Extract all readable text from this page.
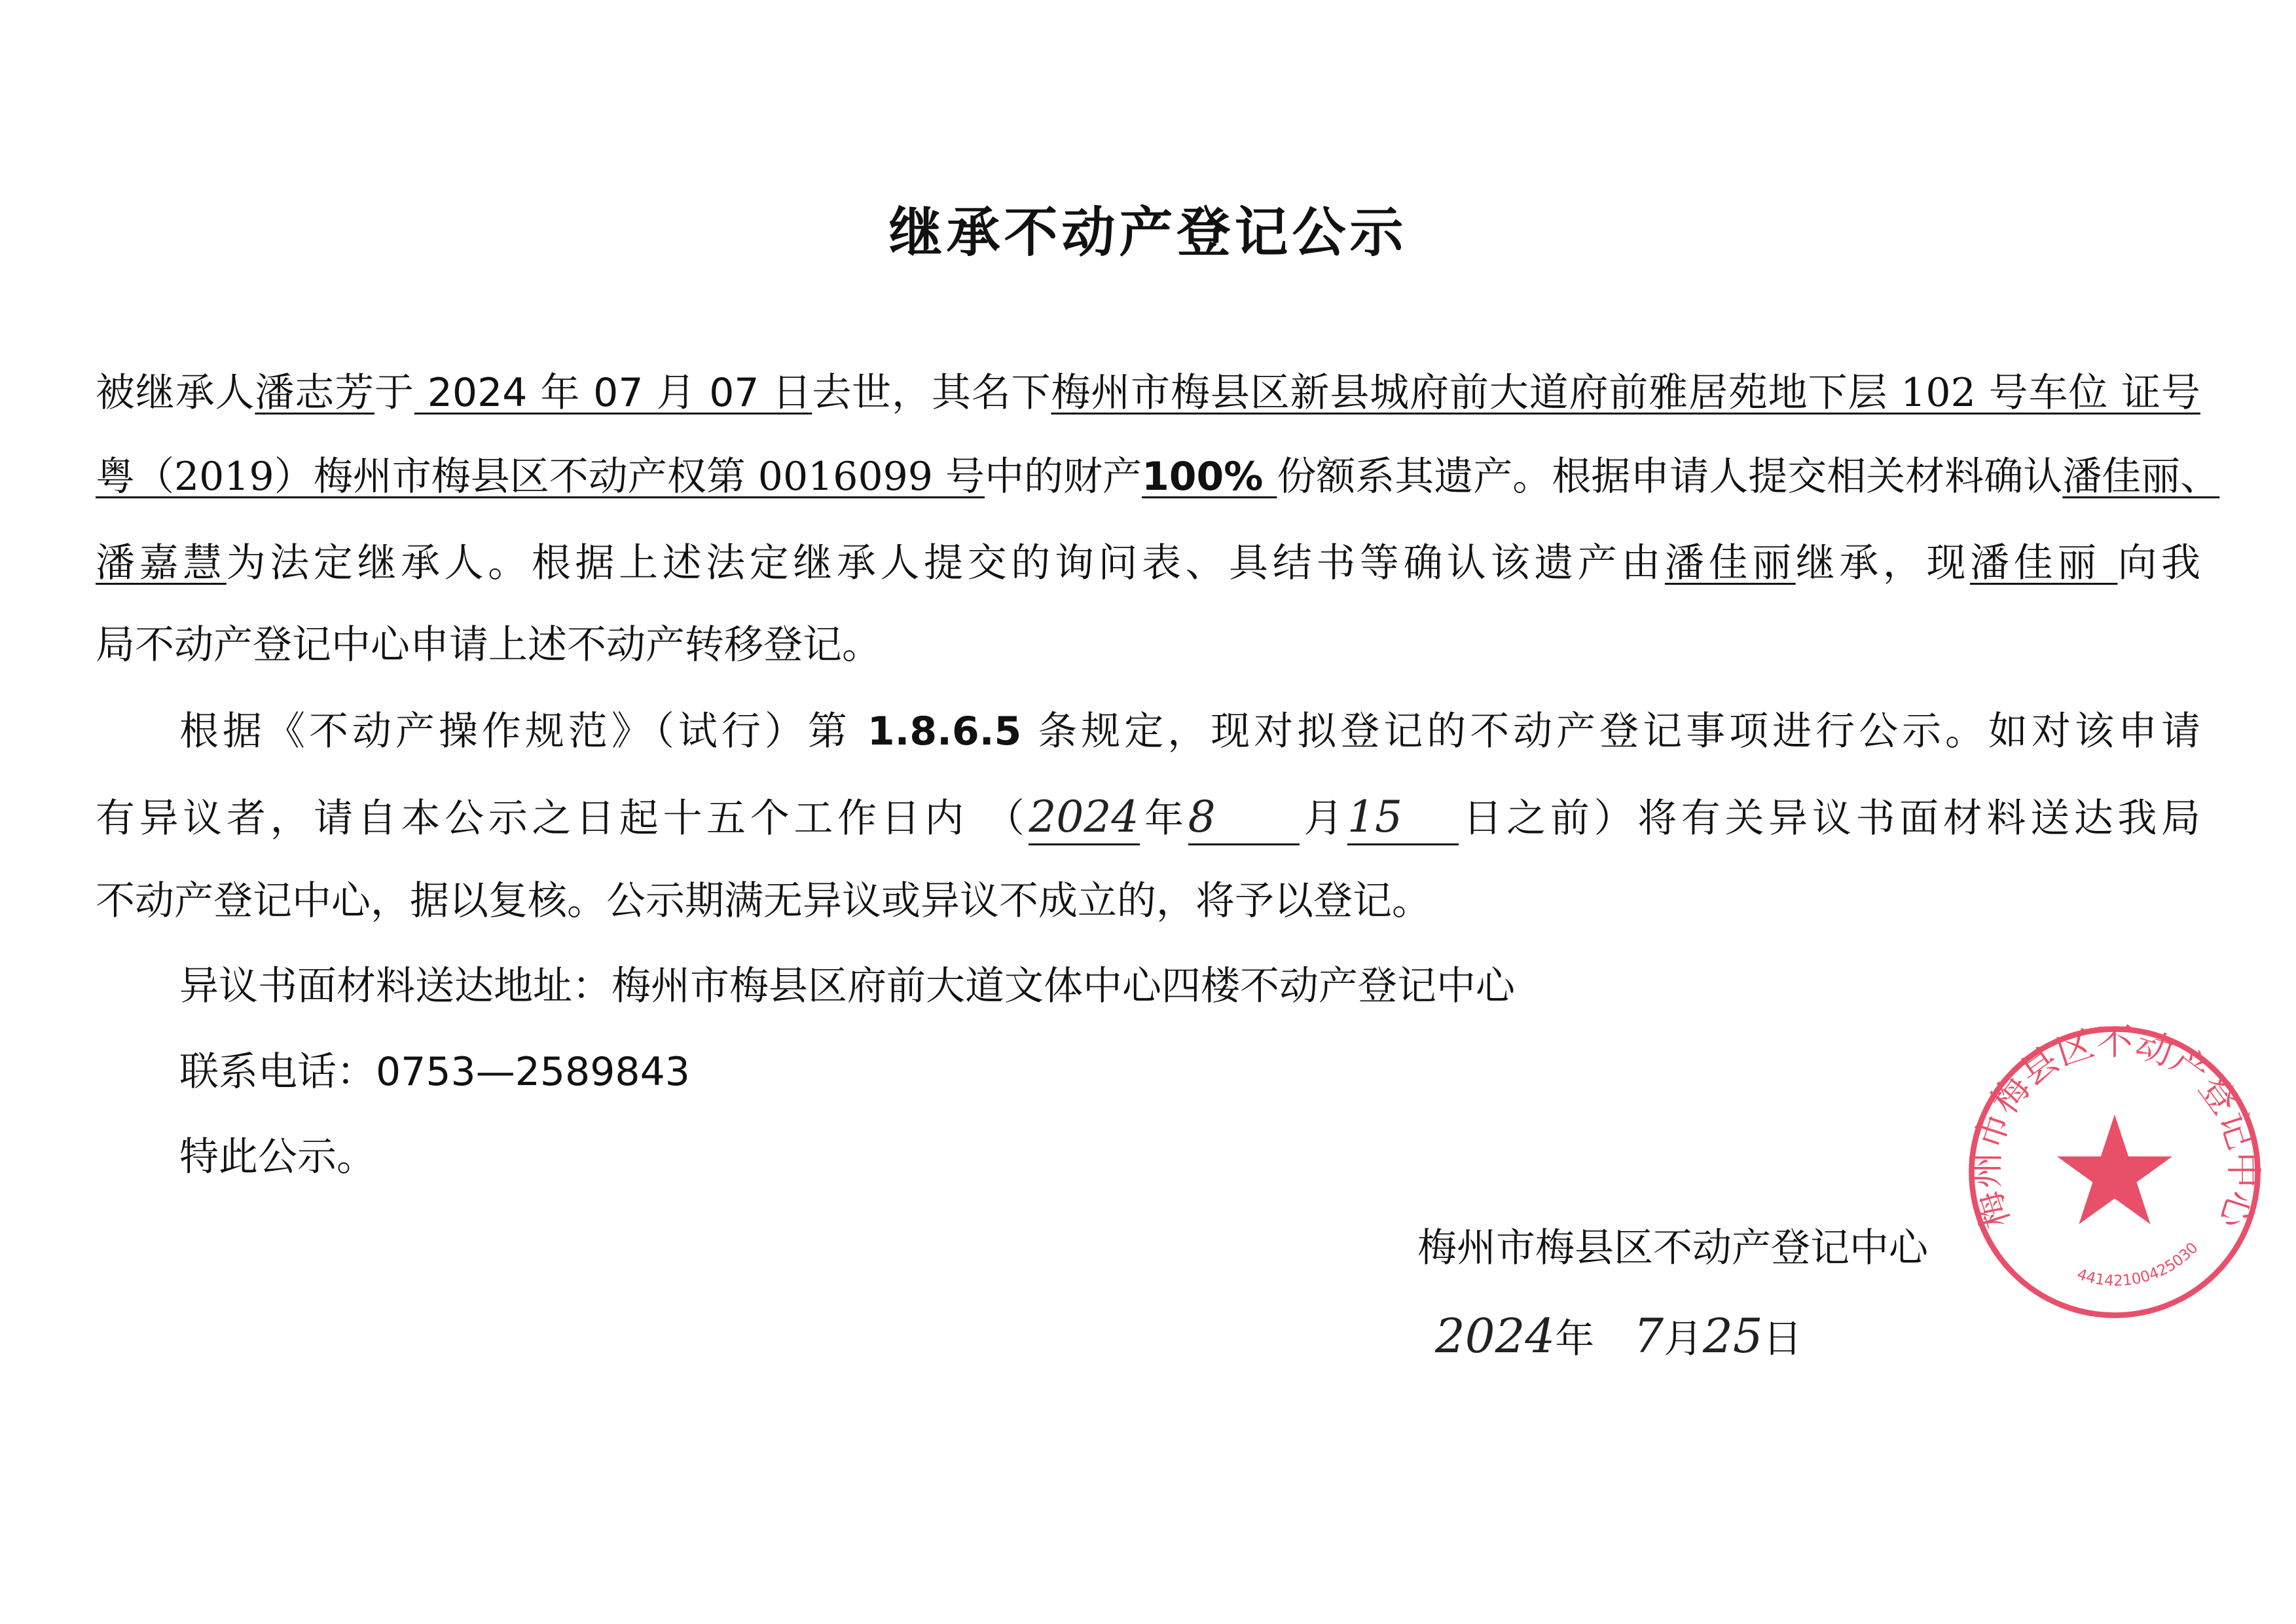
继承不动产登记公示
被继承人潘志芳于 2024 年 07 月 07 日去世，其名下梅州市梅县区新县城府前大道府前雅居苑地下层 102 号车位 证号
粤（2019）梅州市梅县区不动产权第 0016099 号中的财产100% 份额系其遗产。根据申请人提交相关材料确认潘佳丽、
潘嘉慧为法定继承人。根据上述法定继承人提交的询问表、具结书等确认该遗产由潘佳丽继承，现潘佳丽 向我
局不动产登记中心申请上述不动产转移登记。
根据《不动产操作规范》（试行）第 1.8.6.5 条规定，现对拟登记的不动产登记事项进行公示。如对该申请
有异议者，请自本公示之日起十五个工作日内 （2024年8 月15 日之前）将有关异议书面材料送达我局
不动产登记中心，据以复核。公示期满无异议或异议不成立的，将予以登记。
异议书面材料送达地址：梅州市梅县区府前大道文体中心四楼不动产登记中心
联系电话：0753—2589843
特此公示。
梅州市梅县区不动产登记中心
44142100425030
梅州市梅县区不动产登记中心
2024年 7月25日
